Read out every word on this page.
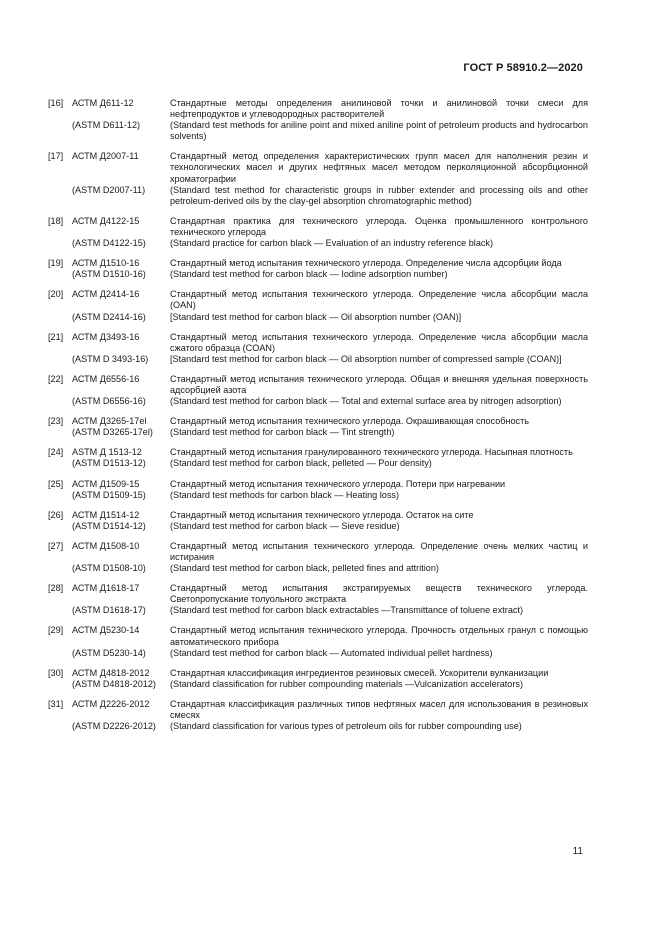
ГОСТ Р 58910.2—2020
[16] АСТМ Д611-12	Стандартные методы определения анилиновой точки и анилиновой точки смеси для нефтепродуктов и углеводородных растворителей
(ASTM D611-12)	(Standard test methods for aniline point and mixed aniline point of petroleum products and hydrocarbon solvents)
[17] АСТМ Д2007-11	Стандартный метод определения характеристических групп масел для наполнения резин и технологических масел и других нефтяных масел методом перколяционной абсорбционной хроматографии
(ASTM D2007-11)	(Standard test method for characteristic groups in rubber extender and processing oils and other petroleum-derived oils by the clay-gel absorption chromatographic method)
[18] АСТМ Д4122-15	Стандартная практика для технического углерода. Оценка промышленного контрольного технического углерода
(ASTM D4122-15)	(Standard practice for carbon black — Evaluation of an industry reference black)
[19] АСТМ Д1510-16	Стандартный метод испытания технического углерода. Определение числа адсорбции йода
(ASTM D1510-16)	(Standard test method for carbon black — Iodine adsorption number)
[20] АСТМ Д2414-16	Стандартный метод испытания технического углерода. Определение числа абсорбции масла (OAN)
(ASTM D2414-16)	[Standard test method for carbon black — Oil absorption number (OAN)]
[21] АСТМ Д3493-16	Стандартный метод испытания технического углерода. Определение числа абсорбции масла сжатого образца (COAN)
(ASTM D 3493-16)	[Standard test method for carbon black — Oil absorption number of compressed sample (COAN)]
[22] АСТМ Д6556-16	Стандартный метод испытания технического углерода. Общая и внешняя удельная поверхность адсорбцией азота
(ASTM D6556-16)	(Standard test method for carbon black — Total and external surface area by nitrogen adsorption)
[23] АСТМ Д3265-17el	Стандартный метод испытания технического углерода. Окрашивающая способность
(ASTM D3265-17el)	(Standard test method for carbon black — Tint strength)
[24] ASTM Д 1513-12	Стандартный метод испытания гранулированного технического углерода. Насыпная плотность
(ASTM D1513-12)	(Standard test method for carbon black, pelleted — Pour density)
[25] АСТМ Д1509-15	Стандартный метод испытания технического углерода. Потери при нагревании
(ASTM D1509-15)	(Standard test methods for carbon black — Heating loss)
[26] АСТМ Д1514-12	Стандартный метод испытания технического углерода. Остаток на сите
(ASTM D1514-12)	(Standard test method for carbon black — Sieve residue)
[27] АСТМ Д1508-10	Стандартный метод испытания технического углерода. Определение очень мелких частиц и истирания
(ASTM D1508-10)	(Standard test method for carbon black, pelleted fines and attrition)
[28] АСТМ Д1618-17	Стандартный метод испытания экстрагируемых веществ технического углерода. Светопропускание толуольного экстракта
(ASTM D1618-17)	(Standard test method for carbon black extractables —Transmittance of toluene extract)
[29] АСТМ Д5230-14	Стандартный метод испытания технического углерода. Прочность отдельных гранул с помощью автоматического прибора
(ASTM D5230-14)	(Standard test method for carbon black — Automated individual pellet hardness)
[30] АСТМ Д4818-2012	Стандартная классификация ингредиентов резиновых смесей. Ускорители вулканизации
(ASTM D4818-2012)	(Standard classification for rubber compounding materials —Vulcanization accelerators)
[31] АСТМ Д2226-2012	Стандартная классификация различных типов нефтяных масел для использования в резиновых смесях
(ASTM D2226-2012)	(Standard classification for various types of petroleum oils for rubber compounding use)
11
